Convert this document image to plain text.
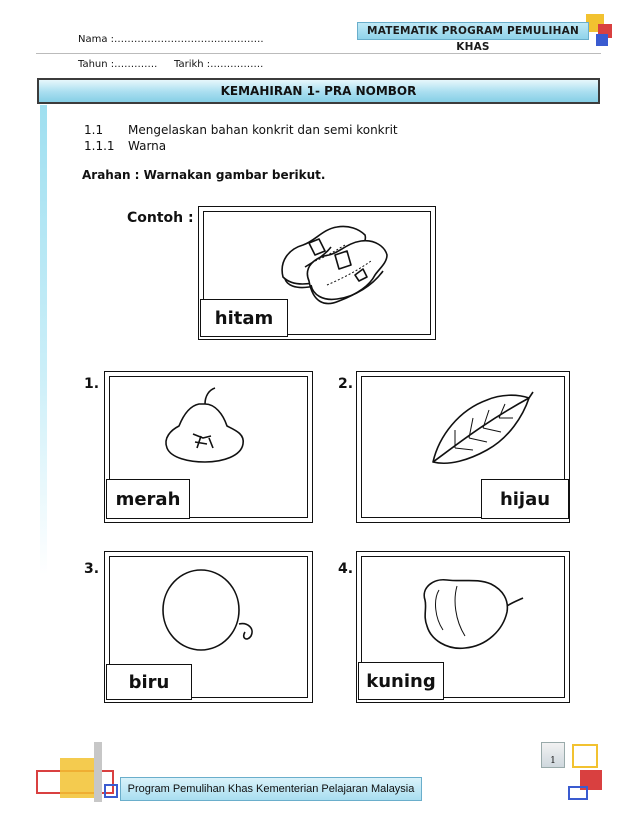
Nama :…………………………..………….
Tahun :…………. Tarikh :…………….
MATEMATIK PROGRAM PEMULIHAN KHAS
KEMAHIRAN 1- PRA NOMBOR
1.1 Mengelaskan bahan konkrit dan semi konkrit
1.1.1 Warna
Arahan : Warnakan gambar berikut.
Contoh :
hitam
1.
merah
2.
hijau
3.
biru
4.
kuning
1
Program Pemulihan Khas Kementerian Pelajaran Malaysia
